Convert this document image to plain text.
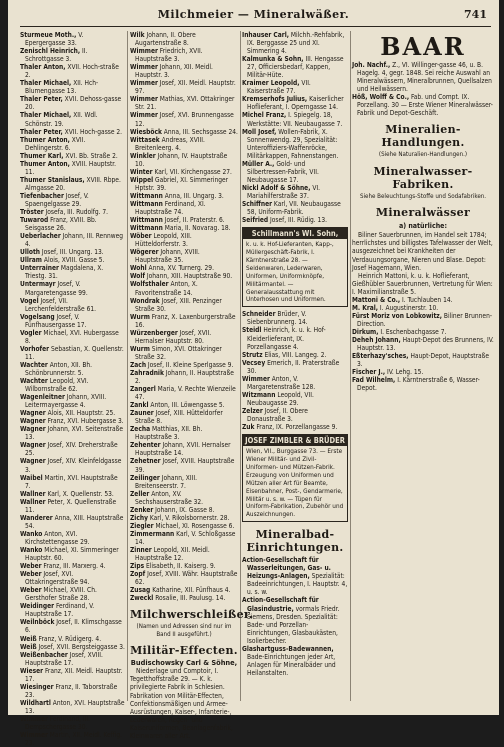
Milchmeier — Mineralwäßer.	741

Sturmeue Moth., V. Epergergasse 33.

Zenischl Heinrich, II. Schrottgasse 3.

Thaler Anton, XVII. Hoch-straße 2.

Thaler Michael, XII. Hch-Blumengasse 13.

Thaler Peter, XVII. Dehoss-gasse 20.

Thaler Michael, XII. Wdl. Schönstr. 19.

Thaler Peter, XVII. Hoch-gasse 2.

Thumer Anton, XVII. Dehlingerstr. 6.

Thumer Karl, XVI. Bb. Straße 2.

Thumer Anton, XVIII. Hauptstr. 11.

Thumer Stanislaus, XVIII. Rbpe. Almgasse 20.

Tiefenbacher Josef, V. Spaengelgasse 29.

Tröster Josefa, III. Rudolfg. 7.

Tuwarod Franz, XVIII. Bb. Seisgasse 26.

Ueberlacher Johann, III. Rennweg 4.

Ulloth Josef, III. Ungarg. 13.

Ullram Alois, XVIII. Gasse 5.

Unterrainer Magdalena, X. Triestg. 31.

Untermayr Josef, V. Margaretengasse 99.

Vogel Josef, VII. Lerchenfelderstraße 61.

Vogelsang Josef, V. Fünfhausergasse 17.

Vogler Michael, XVI. Hubergasse 8.

Vorhofer Sebastian, X. Quellenstr. 11.

Wachter Anton, XII. Bh. Schönbrunnerstr. 5.

Wachter Leopold, XVI. Wilbornstraße 62.

Wagenleitner Johann, XVIII. Leitermayergasse 4.

Wagner Alois, XII. Hauptstr. 25.

Wagner Franz, XVI. Hubergasse 3.

Wagner Johann, XVI. Seitenstraße 13.

Wagner Josef, XIV. Dreherstraße 25.

Wagner Josef, XIV. Kleinfeldgasse 3.

Waibel Martin, XVI. Hauptstraße 7.

Wallner Karl, X. Quellenstr. 53.

Wallner Peter, X. Quellenstraße 11.

Wanderer Anna, XIII. Hauptstraße 54.

Wanko Anton, XVI. Kirchstettengasse 29.

Wanko Michael, XI. Simmeringer Hauptstr. 60.

Weber Franz, III. Marxerg. 4.

Weber Josef, XVI. Ottakringerstraße 94.

Weber Michael, XVIII. Ch. Gersthofer Straße 28.

Weidinger Ferdinand, V. Hauptstraße 17.

Weilnböck Josef, II. Klimschgasse 6.

Weiß Franz, V. Rüdigerg. 4.

Weiß Josef, XVII. Bergsteiggasse 3.

Weißenbacher Josef, XVIII. Hauptstraße 17.

Wieser Franz, XII. Meidl. Hauptstr. 17.

Wiesinger Franz, II. Taborstraße 23.

Wildhartl Anton, XVI. Hauptstraße 13.

Wimmer Ferdinand, III. Dempschergasse 30.

Wimmer Martin, XII. Meidl. Keffig. 23.

Wilk Johann, II. Obere Augartenstraße 8.

Wimmer Friedrich, XVII. Hauptstraße 3.

Wimmer Johann, XII. Meidl. Hauptstr. 3.

Wimmer Josef, XII. Meidl. Hauptstr. 97.

Wimmer Mathias, XVI. Ottakringer Str. 21.

Wimmer Josef, XVI. Brunnengasse 12.

Wiesböck Anna, III. Sechsgasse 24.

Wittasek Andreas, XVIII. Breitenleerg. 4.

Winkler Johann, IV. Hauptstraße 10.

Winter Karl, VII. Kirchengasse 27.

Wippel Gabriel, XI. Simmeringer Hptstr. 39.

Wittmann Anna, III. Ungarg. 3.

Wittmann Ferdinand, XI. Hauptstraße 74.

Wittmann Josef, II. Praterstr. 6.

Wittmann Maria, II. Novarag. 18.

Wöber Leopold, XIII. Hütteldorferstr. 3.

Wögerer Johann, XVIII. Hauptstraße 35.

Wohl Anna, XV. Turnerg. 29.

Wolf Johann, XIII. Hauptstraße 90.

Wolfsthaler Anton, X. Favoritenstraße 14.

Wondrak Josef, XIII. Penzinger Straße 30.

Wurm Franz, X. Laxenburgerstraße 16.

Würzenberger Josef, XVII. Hernalser Hauptstr. 80.

Wurm Simon, XVI. Ottakringer Straße 32.

Zach Josef, II. Kleine Sperlgasse 9.

Zahradnik Johann, II. Hauptstraße 2.

Zangerl Maria, V. Rechte Wienzeile 47.

Zankl Anton, III. Löwengasse 5.

Zauner Josef, XIII. Hütteldorfer Straße 8.

Zecha Matthias, XII. Bh. Hauptstraße 3.

Zehenter Johann, XVII. Hernalser Hauptstraße 14.

Zehetner Josef, XVIII. Hauptstraße 39.

Zeilinger Johann, XIII. Breitenseerstr. 7.

Zeller Anton, XV. Sechshauserstraße 32.

Zenker Johann, IX. Gasse 8.

Zichy Karl, V. Rikolsbornerstr. 28.

Ziegler Michael, XI. Rosengasse 6.

Zimmermann Karl, V. Schloßgasse 14.

Zinner Leopold, XII. Meidl. Hauptstraße 12.

Zips Elisabeth, II. Kaiserg. 9.

Zopf Josef, XVIII. Währ. Hauptstraße 62.

Zusag Katharine, XII. Fünfhaus 4.

Zweckl Rosalie, III. Paulusg. 14.

Milchwerschleißer.
(Namen und Adressen sind nur im Band II ausgeführt.)
Militär-Effecten.
Budischowsky Carl & Söhne,

Niederlage und Comptoir, I. Tegetthoffstraße 29. — K. k. privilegierte Fabrik in Schlesien. Fabrikation von Militär-Effecten, Confektionsmäßigen und Armee-Ausrüstungen, Kaiser-, Infanterie-, Lederwaren, Regen- und Kaiseruniformen, Beanlagenfabrik, Kleinwaren aller Art.

Inhauser Carl, Milchh.-Rehfabrik, IX. Berggasse 25 und XI. Simmering 4.

Kalmunka & Sohn, III. Hengasse 27, Officiersbedarf, Kappen, Militär-Hüte.

Kraimer Leopold, VII. Kaiserstraße 77.

Kremserhofs Julius, Kaiserlicher Hoflieferant, I. Operngasse 14.

Michel Franz, I. Spiegelg. 18, Werkstätte: VII. Neubaugasse 7.

Moll Josef, Wollen-Fabrik, X. Sonnenwendg. 29, Spezialität: Unteroffiziers-Waffenröcke, Militärkappen, Fahnenstangen.

Müller A., Gold- und Silbertressen-Fabrik, VII. Neubaugasse 17.

Nickl Adolf & Söhne, VI. Mariahilferstraße 37.

Schiffner Karl, VII. Neubaugasse 58, Uniform-Fabrik.

Seifried Josef, III. Rüdig. 13.

Schillmann's Wl. Sohn,
k. u. k. Hof-Lieferanten, Kapp-, Müllergeschäft-Fabrik, I. Kärntnerstraße 28. — Seidenwaren, Lederwaren, Uniformen, Uniformknöpfe, Militärmantel. — Generalausstattung mit Unterhosen und Uniformen.

Schneider Brüder, V. Siebenbrunnerg. 14.

Steidl Heinrich, k. u. k. Hof-Kleiderlieferant, IX. Porzellangasse 4.

Strutz Elias, VIII. Langeg. 2.

Vecsey Emerich, II. Praterstraße 30.

Wimmer Anton, V. Margaretenstraße 128.

Witzmann Leopold, VII. Neubaugasse 29.

Zelzer Josef, II. Obere Donaustraße 3.

Zuk Franz, IX. Porzellangasse 9.

JOSEF ZIMBLER & BRÜDER
Wien, VII., Burggasse 73. — Erste Wiener Militär- und Zivil-Uniformen- und Mützen-Fabrik. Erzeugung von Uniformen und Mützen aller Art für Beamte, Eisenbahner, Post-, Gendarmerie, Militär u. s. w. — Tüpen für Uniform-Fabrikation, Zubehör und Auszeichnungen.
Mineralbad-Einrichtungen.

Action-Gesellschaft für Wasserleitungen, Gas- u. Heizungs-Anlagen, Spezialität: Badeeinrichtungen, I. Hauptstr. 4, u. s. w.

Action-Gesellschaft für Glasindustrie, vormals Friedr. Siemens, Dresden. Spezialität: Bade- und Porzellan-Einrichtungen, Glasbaukästen, Isolierbecher.

Glashartguss-Badewannen, Bade-Einrichtungen jeder Art, Anlagen für Mineralbäder und Heilanstalten.

BAAR

Joh. Nachf., Z., VI. Willinger-gasse 46, u. B. Hagelg. 4, gegr. 1848. Sei reiche Auswahl an Mineralwässern, Mineralbrunnen, Quellsalzen und Heilwässern.

Höß, Wolff & Co., Fab. und Compt. IX. Porzellang. 30 — Erste Wiener Mineralwässer-Fabrik und Depot-Geschäft.

Mineralien-Handlungen.
(Siehe Naturalien-Handlungen.)
Mineralwasser-Fabriken.
Siehe Beleuchtungs-Stoffe und Sodafabriken.
Mineralwässer
a) natürliche:

Biliner Sauerbrunnen, im Handel seit 1784; herrlichstes und billigstes Tafelwasser der Welt, ausgezeichnet bei Krankheiten der Verdauungsorgane, Nieren und Blase. Depot: Josef Hagemann, Wien.

Heinrich Mattoni, k. u. k. Hoflieferant, Gießhübler Sauerbrunnen, Vertretung für Wien: I. Maximilianstraße 5.

Mattoni & Co., I. Tuchlauben 14.

M. Kral, I. Augustinerstr. 10.

Fürst Moriz von Lobkowitz, Biliner Brunnen-Direction.

Dirkum, I. Eschenbachgasse 7.

Deheh Johann, Haupt-Depot des Brunnens, IV. Hauptstr. 13.

Eßterhazy'sches, Haupt-Depot, Hauptstraße 3.

Fischer J., IV. Lehg. 15.

Fad Wilhelm, I. Kärntnerstraße 6, Wasser-Depot.
